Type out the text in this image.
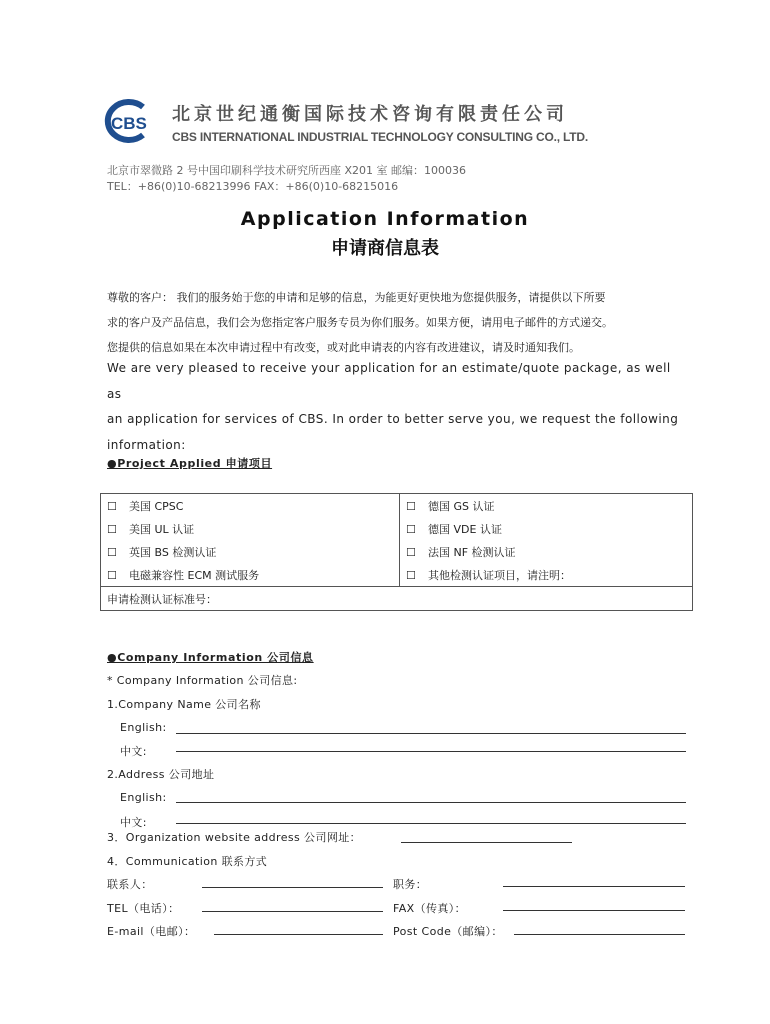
CBS 北京世纪通衡国际技术咨询有限责任公司
CBS INTERNATIONAL INDUSTRIAL TECHNOLOGY CONSULTING CO., LTD.
北京市翠微路 2 号中国印刷科学技术研究所西座 X201 室 邮编：100036
TEL：+86(0)10-68213996 FAX：+86(0)10-68215016
Application Information
申请商信息表
尊敬的客户： 我们的服务始于您的申请和足够的信息，为能更好更快地为您提供服务，请提供以下所要
求的客户及产品信息，我们会为您指定客户服务专员为你们服务。如果方便，请用电子邮件的方式递交。
您提供的信息如果在本次申请过程中有改变，或对此申请表的内容有改进建议，请及时通知我们。
We are very pleased to receive your application for an estimate/quote package, as well as
an application for services of CBS. In order to better serve you, we request the following
information:
●Project Applied 申请项目
☐ 美国 CPSC	☐ 德国 GS 认证
☐ 美国 UL 认证	☐ 德国 VDE 认证
☐ 英国 BS 检测认证	☐ 法国 NF 检测认证
☐ 电磁兼容性 ECM 测试服务	☐ 其他检测认证项目，请注明：
申请检测认证标准号：	
●Company Information 公司信息
* Company Information 公司信息:
1.Company Name 公司名称
English:
中文:
2.Address 公司地址
English:
中文:
3．Organization website address 公司网址：
4．Communication 联系方式
联系人：	职务：
TEL（电话）：	FAX（传真）：
E-mail（电邮）：	Post Code（邮编）：
